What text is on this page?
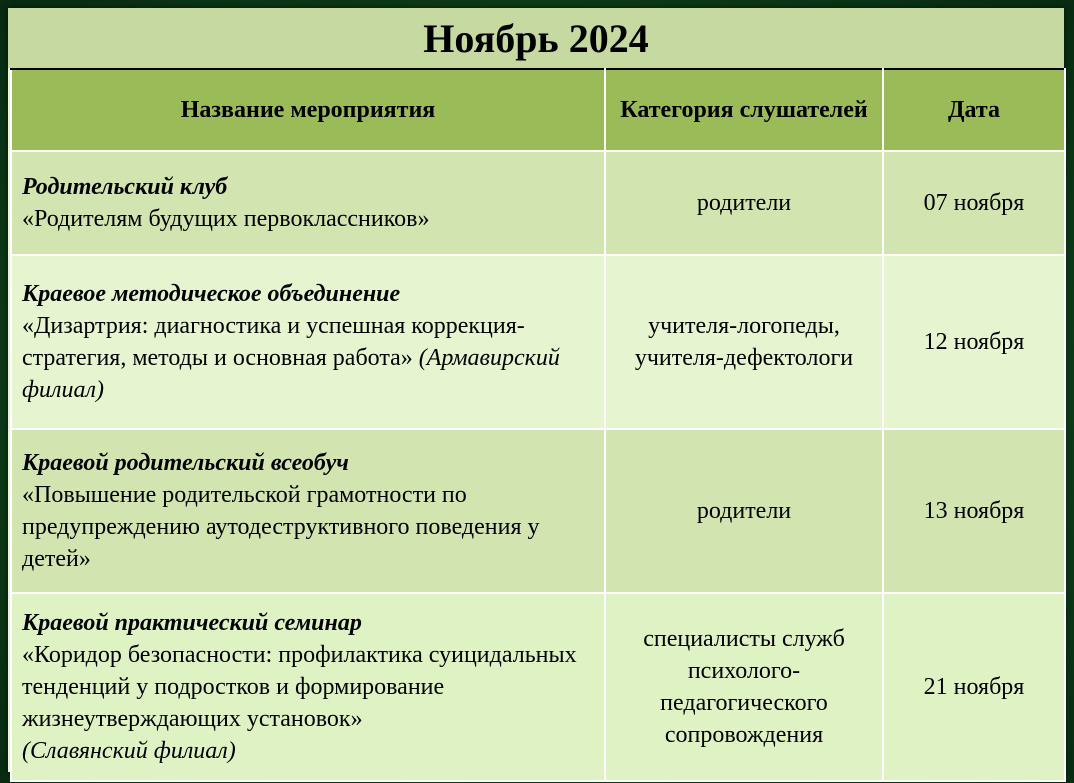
Ноябрь 2024
Название мероприятия	Категория слушателей	Дата
Родительский клуб
«Родителям будущих первоклассников»	родители	07 ноября
Краевое методическое объединение
«Дизартрия: диагностика и успешная коррекция- стратегия, методы и основная работа» (Армавирский филиал)	учителя-логопеды, учителя-дефектологи	12 ноября
Краевой родительский всеобуч
«Повышение родительской грамотности по предупреждению аутодеструктивного поведения у детей»	родители	13 ноября
Краевой практический семинар
«Коридор безопасности: профилактика суицидальных тенденций у подростков и формирование жизнеутверждающих установок»
(Славянский филиал)	специалисты служб психолого-педагогического сопровождения	21 ноября
